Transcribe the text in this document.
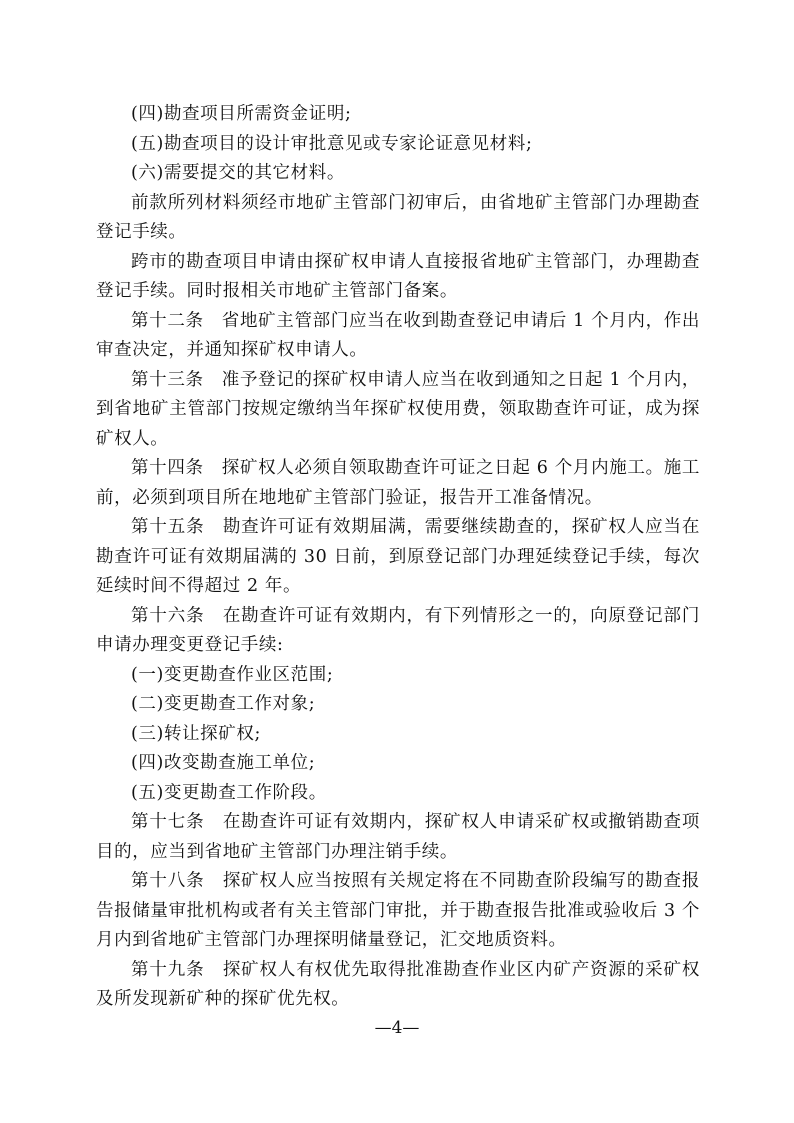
(四)勘查项目所需资金证明;

(五)勘查项目的设计审批意见或专家论证意见材料;

(六)需要提交的其它材料。

前款所列材料须经市地矿主管部门初审后，由省地矿主管部门办理勘查登记手续。

跨市的勘查项目申请由探矿权申请人直接报省地矿主管部门，办理勘查登记手续。同时报相关市地矿主管部门备案。

第十二条　省地矿主管部门应当在收到勘查登记申请后 1 个月内，作出审查决定，并通知探矿权申请人。

第十三条　准予登记的探矿权申请人应当在收到通知之日起 1 个月内，到省地矿主管部门按规定缴纳当年探矿权使用费，领取勘查许可证，成为探矿权人。

第十四条　探矿权人必须自领取勘查许可证之日起 6 个月内施工。施工前，必须到项目所在地地矿主管部门验证，报告开工准备情况。

第十五条　勘查许可证有效期届满，需要继续勘查的，探矿权人应当在勘查许可证有效期届满的 30 日前，到原登记部门办理延续登记手续，每次延续时间不得超过 2 年。

第十六条　在勘查许可证有效期内，有下列情形之一的，向原登记部门申请办理变更登记手续:

(一)变更勘查作业区范围;

(二)变更勘查工作对象;

(三)转让探矿权;

(四)改变勘查施工单位;

(五)变更勘查工作阶段。

第十七条　在勘查许可证有效期内，探矿权人申请采矿权或撤销勘查项目的，应当到省地矿主管部门办理注销手续。

第十八条　探矿权人应当按照有关规定将在不同勘查阶段编写的勘查报告报储量审批机构或者有关主管部门审批，并于勘查报告批准或验收后 3 个月内到省地矿主管部门办理探明储量登记，汇交地质资料。

第十九条　探矿权人有权优先取得批准勘查作业区内矿产资源的采矿权及所发现新矿种的探矿优先权。

—4—
